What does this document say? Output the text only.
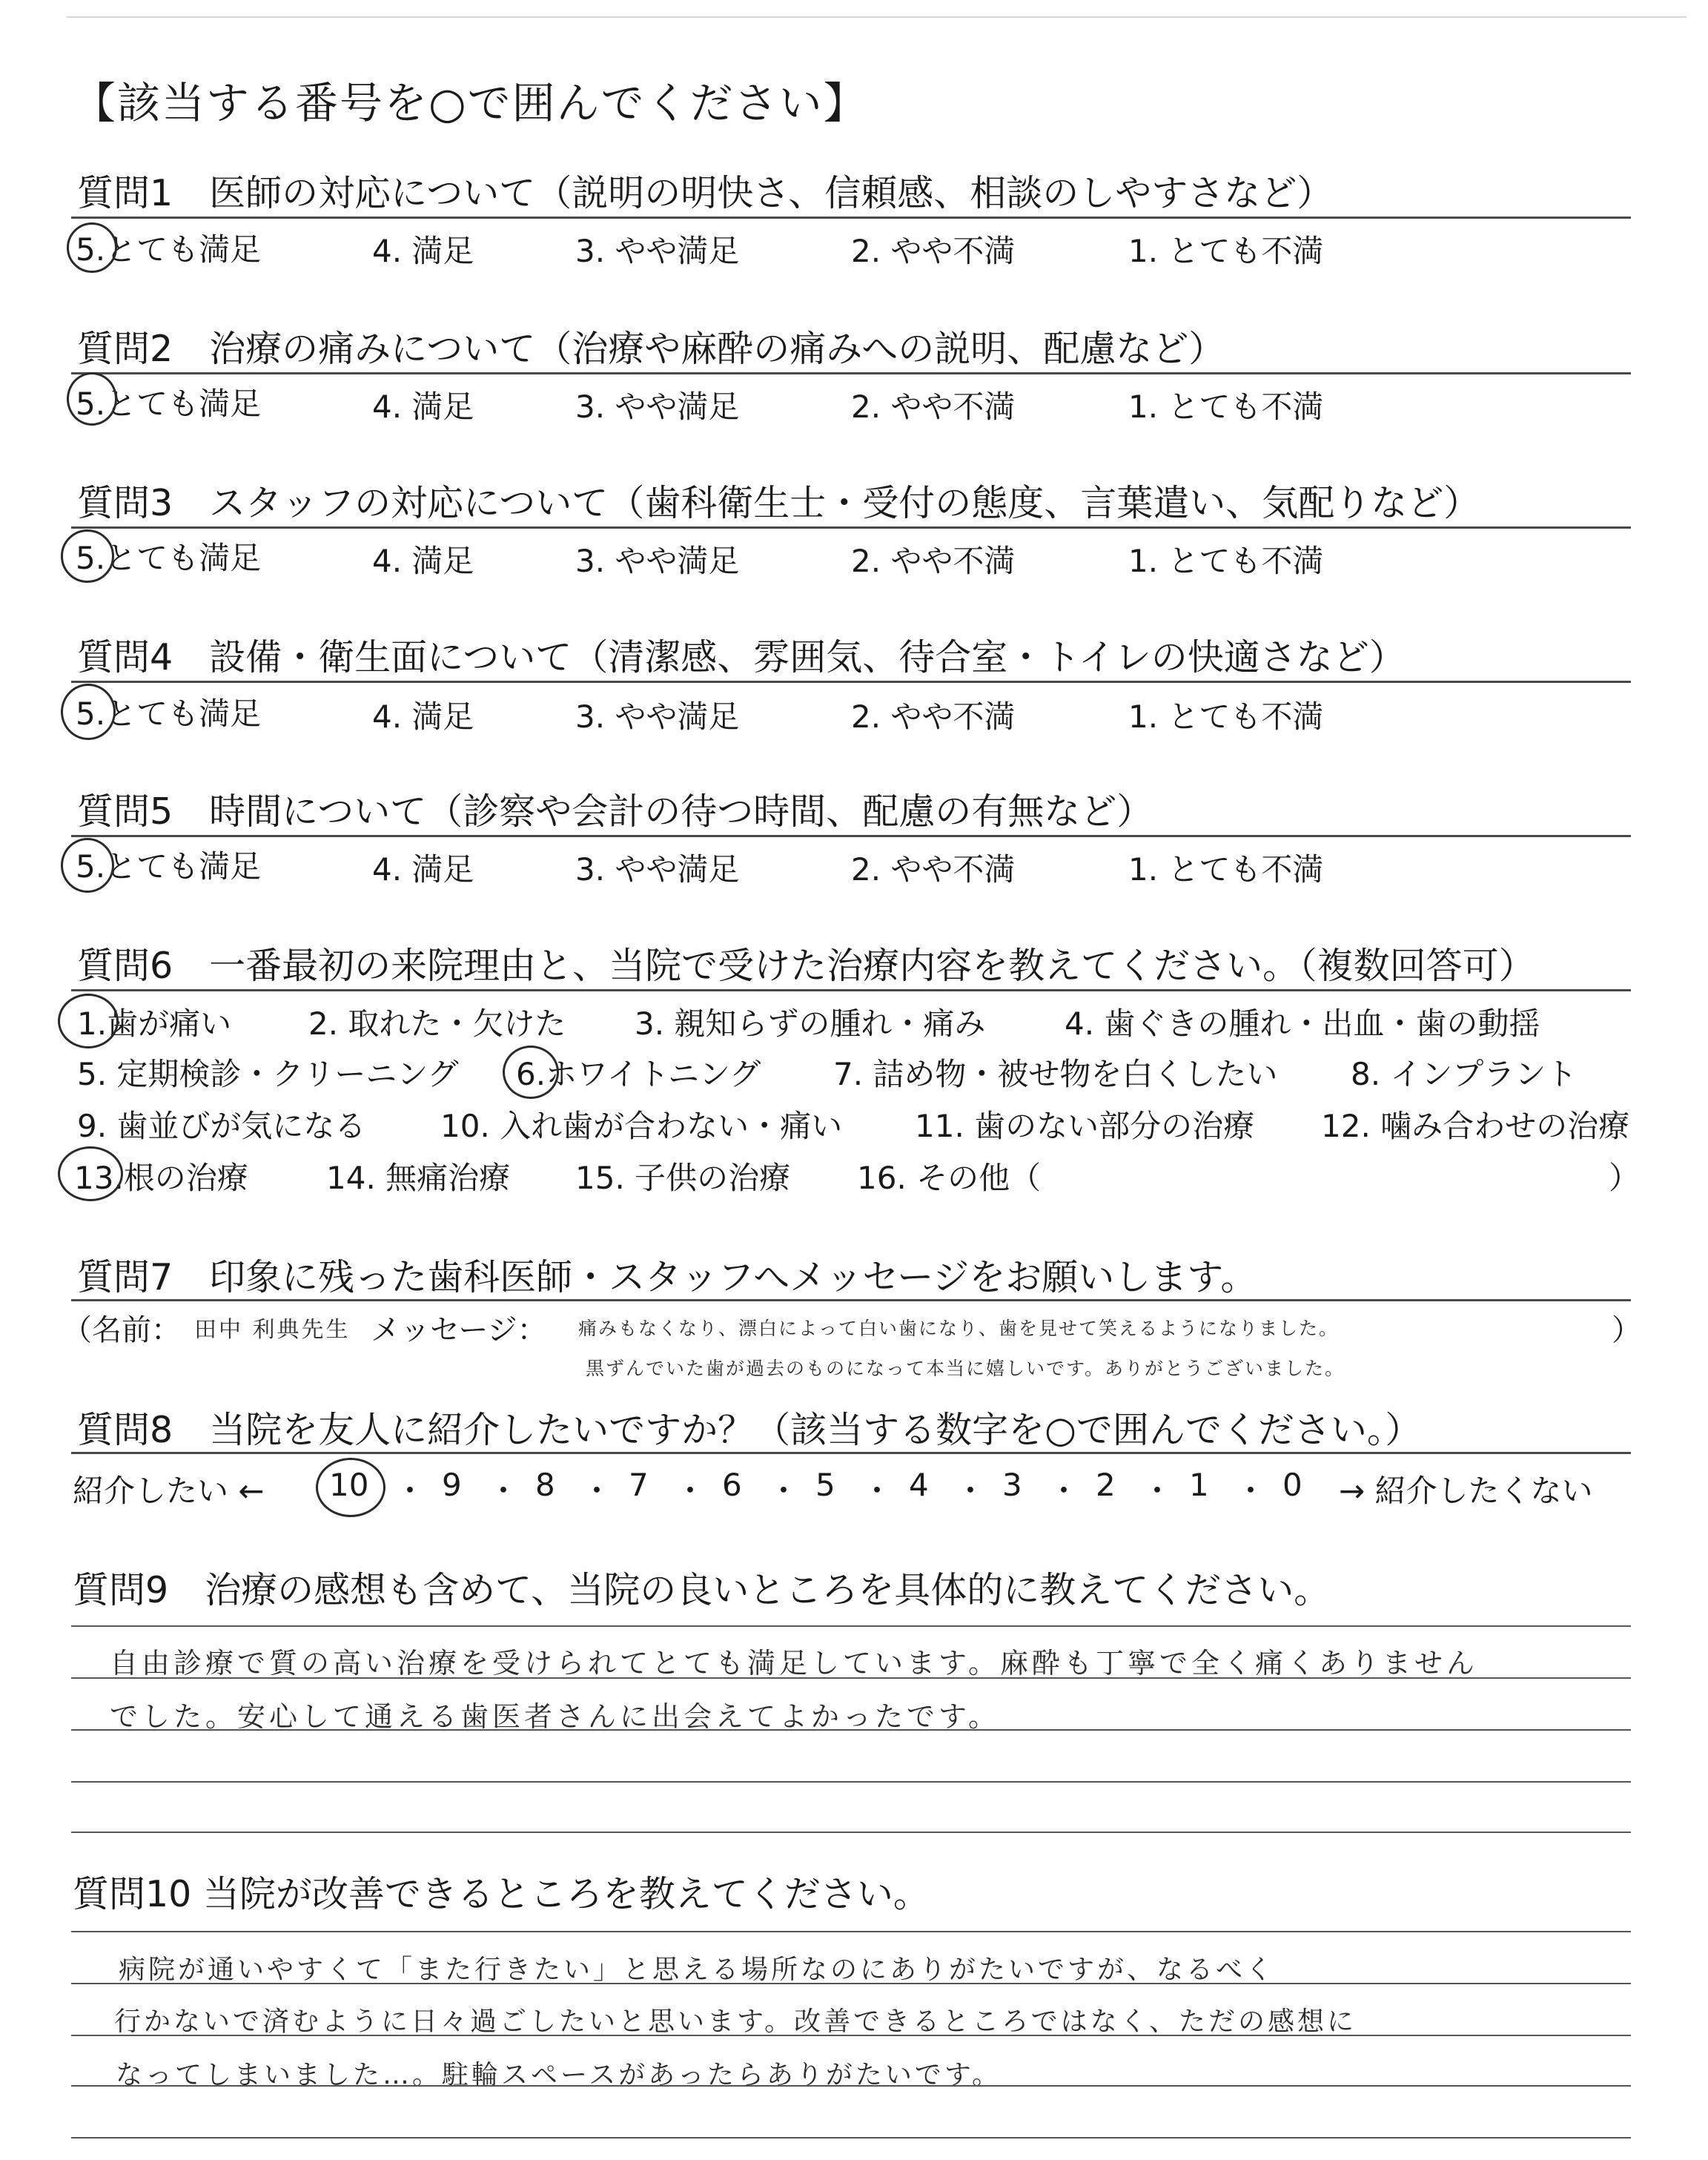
【該当する番号を○で囲んでください】
質問1　医師の対応について（説明の明快さ、信頼感、相談のしやすさなど）
5.とても満足	4. 満足	3. やや満足	2. やや不満	1. とても不満
質問2　治療の痛みについて（治療や麻酔の痛みへの説明、配慮など）
5.とても満足	4. 満足	3. やや満足	2. やや不満	1. とても不満
質問3　スタッフの対応について（歯科衛生士・受付の態度、言葉遣い、気配りなど）
5.とても満足	4. 満足	3. やや満足	2. やや不満	1. とても不満
質問4　設備・衛生面について（清潔感、雰囲気、待合室・トイレの快適さなど）
5.とても満足	4. 満足	3. やや満足	2. やや不満	1. とても不満
質問5　時間について（診察や会計の待つ時間、配慮の有無など）
5.とても満足	4. 満足	3. やや満足	2. やや不満	1. とても不満
質問6　一番最初の来院理由と、当院で受けた治療内容を教えてください。（複数回答可）
1.歯が痛い 2. 取れた・欠けた 3. 親知らずの腫れ・痛み	4. 歯ぐきの腫れ・出血・歯の動揺
5. 定期検診・クリーニング 6.ホワイトニング 7. 詰め物・被せ物を白くしたい 8. インプラント
9. 歯並びが気になる 10. 入れ歯が合わない・痛い 11. 歯のない部分の治療 12. 噛み合わせの治療
13.根の治療	14. 無痛治療 15. 子供の治療 16. その他（	）
質問7　印象に残った歯科医師・スタッフへメッセージをお願いします。
（名前： 田中 利典先生 メッセージ： 痛みもなくなり、漂白によって白い歯になり、歯を見せて笑えるようになりました。	）
黒ずんでいた歯が過去のものになって本当に嬉しいです。ありがとうございました。
質問8　当院を友人に紹介したいですか？（該当する数字を○で囲んでください。）
紹介したい ← 10 ・ 9 ・ 8 ・ 7 ・ 6 ・ 5 ・ 4 ・ 3 ・ 2 ・ 1 ・ 0 → 紹介したくない
質問9　治療の感想も含めて、当院の良いところを具体的に教えてください。
自由診療で質の高い治療を受けられてとても満足しています。麻酔も丁寧で全く痛くありません
でした。安心して通える歯医者さんに出会えてよかったです。
質問10 当院が改善できるところを教えてください。
病院が通いやすくて「また行きたい」と思える場所なのにありがたいですが、なるべく
行かないで済むように日々過ごしたいと思います。改善できるところではなく、ただの感想に
なってしまいました…。駐輪スペースがあったらありがたいです。
